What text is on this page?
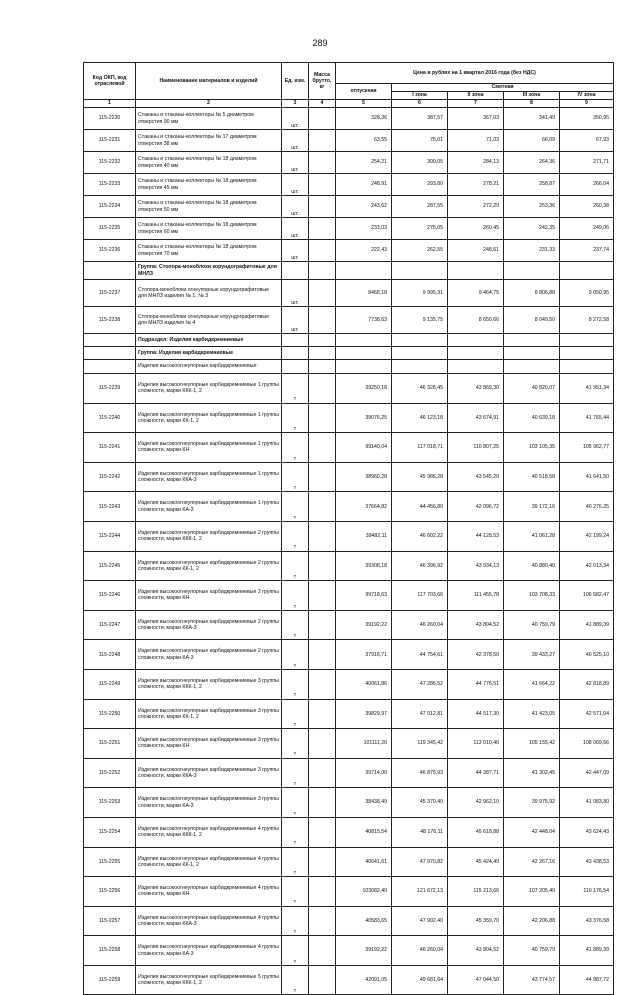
289
Код ОКП, код отраслевой	Наименование материалов и изделий	Ед. изм.	Масса брутто, кг	Цена в рублях на 1 квартал 2016 года (без НДС)				
				отпускная	Сметная			
					I зона	II зона	III зона	IV зона
1	2	3	4	5	6	7	8	9
115-2230	Стаканы и стаканы-коллекторы № 5 диаметром отверстия 90 мм	шт.		328,36	387,57	367,03	341,49	350,95
115-2231	Стаканы и стаканы-коллекторы № 17 диаметром отверстия 38 мм	шт.		63,55	75,01	71,03	66,09	67,93
115-2232	Стаканы и стаканы-коллекторы № 18 диаметром отверстия 40 мм	шт.		254,21	300,05	284,13	264,36	271,71
115-2233	Стаканы и стаканы-коллекторы № 18 диаметром отверстия 45 мм	шт.		248,91	293,80	278,21	258,87	266,04
115-2234	Стаканы и стаканы-коллекторы № 18 диаметром отверстия 50 мм	шт.		243,62	287,55	272,29	253,36	260,38
115-2235	Стаканы и стаканы-коллекторы № 18 диаметром отверстия 60 мм	шт.		233,03	275,05	260,45	242,35	249,06
115-2236	Стаканы и стаканы-коллекторы № 18 диаметром отверстия 70 мм	шт.		222,43	262,55	248,61	231,33	237,74
	Группа: Стопора-моноблоки корундографитовые для МНЛЗ							
115-2237	Стопора-моноблоки огнеупорные корундографитовые для МНЛЗ изделия № 1, № 3	шт.		8468,18	9 995,31	9 464,75	8 806,88	9 050,95
115-2238	Стопора-моноблоки огнеупорные корундографитовые для МНЛЗ изделия № 4	шт.		7738,63	9 135,75	8 650,66	8 049,50	8 272,58
	Подраздел: Изделия карбидкремниевые							
	Группа: Изделия карбидкремниевые							
	Изделия высокоогнеупорные карбидкремниевые:							
115-2239	Изделия высокоогнеупорные карбидкремниевые 1 группы сложности, марки ККК-1, 2	т		39250,18	46 328,45	43 869,30	40 820,07	41 951,34
115-2240	Изделия высокоогнеупорные карбидкремниевые 1 группы сложности, марки КК-1, 2	т		39076,25	46 123,18	43 674,91	40 639,18	41 765,44
115-2241	Изделия высокоогнеупорные карбидкремниевые 1 группы сложности, марки КН	т		99140,04	117 018,71	110 807,25	103 105,35	105 962,77
115-2242	Изделия высокоогнеупорные карбидкремниевые 1 группы сложности, марки ККА-3	т		38960,28	45 986,28	43 545,29	40 518,58	41 641,50
115-2243	Изделия высокоогнеупорные карбидкремниевые 1 группы сложности, марки КА-3	т		37664,82	44 456,80	42 096,72	39 172,16	40 276,25
115-2244	Изделия высокоогнеупорные карбидкремниевые 2 группы сложности, марки ККК-1, 2	т		39482,11	46 602,22	44 128,53	41 061,28	42 199,24
115-2245	Изделия высокоогнеупорные карбидкремниевые 2 группы сложности, марки КК-1, 2	т		39308,18	46 396,92	43 934,13	40 880,40	42 013,34
115-2246	Изделия высокоогнеупорные карбидкремниевые 2 группы сложности, марки КН	т		99718,63	117 703,66	111 455,78	103 708,33	106 582,47
115-2247	Изделия высокоогнеупорные карбидкремниевые 2 группы сложности, марки ККА-3	т		39192,22	46 260,04	43 804,52	40 759,79	41 889,39
115-2248	Изделия высокоогнеупорные карбидкремниевые 2 группы сложности, марки КА-3	т		37916,71	44 754,61	42 378,50	39 433,27	40 525,10
115-2249	Изделия высокоогнеупорные карбидкремниевые 3 группы сложности, марки ККК-1, 2	т		40061,86	47 286,52	44 776,51	41 664,22	42 818,89
115-2250	Изделия высокоогнеупорные карбидкремниевые 3 группы сложности, марки КК-1, 2	т		39829,97	47 012,81	44 517,30	41 423,05	42 571,04
115-2251	Изделия высокоогнеупорные карбидкремниевые 3 группы сложности, марки КН	т		101111,26	119 345,42	113 010,46	105 155,42	108 069,66
115-2252	Изделия высокоогнеупорные карбидкремниевые 3 группы сложности, марки ККА-3	т		39714,00	46 875,93	44 387,71	41 302,45	42 447,09
115-2253	Изделия высокоогнеупорные карбидкремниевые 3 группы сложности, марки КА-3	т		38438,49	45 370,40	42 962,10	39 975,92	41 083,80
115-2254	Изделия высокоогнеупорные карбидкремниевые 4 группы сложности, марки ККК-1, 2	т		40815,54	48 176,11	45 618,88	42 448,04	43 624,43
115-2255	Изделия высокоогнеупорные карбидкремниевые 4 группы сложности, марки КК-1, 2	т		40641,61	47 970,82	45 424,49	42 267,16	43 438,53
115-2256	Изделия высокоогнеупорные карбидкремниевые 4 группы сложности, марки КН	т		103082,49	121 672,13	115 213,66	107 205,49	110 176,54
115-2257	Изделия высокоогнеупорные карбидкремниевые 4 группы сложности, марки ККА-3	т		40583,65	47 902,40	45 359,70	42 206,88	43 376,58
115-2258	Изделия высокоогнеупорные карбидкремниевые 4 группы сложности, марки КА-3	т		39192,22	46 260,04	43 804,52	40 759,79	41 889,39
115-2259	Изделия высокоогнеупорные карбидкремниевые 5 группы сложности, марки ККК-1, 2	т		42091,05	49 681,64	47 044,50	43 774,57	44 987,72
